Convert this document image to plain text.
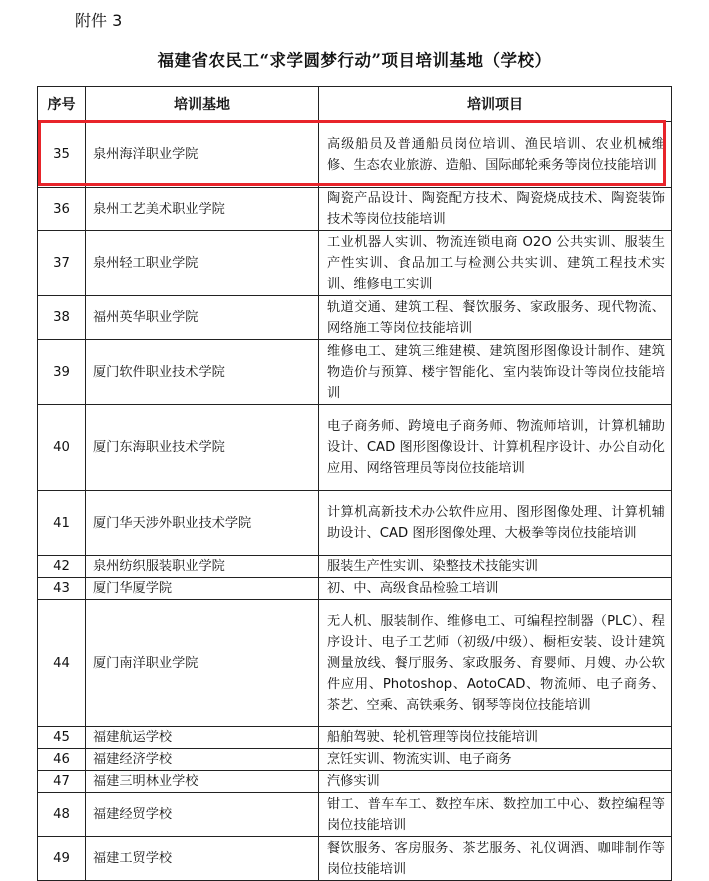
附件 3
福建省农民工“求学圆梦行动”项目培训基地（学校）
序号	培训基地	培训项目
35	泉州海洋职业学院	高级船员及普通船员岗位培训、渔民培训、农业机械维修、生态农业旅游、造船、国际邮轮乘务等岗位技能培训
36	泉州工艺美术职业学院	陶瓷产品设计、陶瓷配方技术、陶瓷烧成技术、陶瓷装饰技术等岗位技能培训
37	泉州轻工职业学院	工业机器人实训、物流连锁电商 O2O 公共实训、服装生产性实训、食品加工与检测公共实训、建筑工程技术实训、维修电工实训
38	福州英华职业学院	轨道交通、建筑工程、餐饮服务、家政服务、现代物流、网络施工等岗位技能培训
39	厦门软件职业技术学院	维修电工、建筑三维建模、建筑图形图像设计制作、建筑物造价与预算、楼宇智能化、室内装饰设计等岗位技能培训
40	厦门东海职业技术学院	电子商务师、跨境电子商务师、物流师培训，计算机辅助设计、CAD 图形图像设计、计算机程序设计、办公自动化应用、网络管理员等岗位技能培训
41	厦门华天涉外职业技术学院	计算机高新技术办公软件应用、图形图像处理、计算机辅助设计、CAD 图形图像处理、大极拳等岗位技能培训
42	泉州纺织服装职业学院	服装生产性实训、染整技术技能实训
43	厦门华厦学院	初、中、高级食品检验工培训
44	厦门南洋职业学院	无人机、服装制作、维修电工、可编程控制器（PLC）、程序设计、电子工艺师（初级/中级）、橱柜安装、设计建筑测量放线、餐厅服务、家政服务、育婴师、月嫂、办公软件应用、Photoshop、AotoCAD、物流师、电子商务、茶艺、空乘、高铁乘务、钢琴等岗位技能培训
45	福建航运学校	船舶驾驶、轮机管理等岗位技能培训
46	福建经济学校	烹饪实训、物流实训、电子商务
47	福建三明林业学校	汽修实训
48	福建经贸学校	钳工、普车车工、数控车床、数控加工中心、数控编程等岗位技能培训
49	福建工贸学校	餐饮服务、客房服务、茶艺服务、礼仪调酒、咖啡制作等岗位技能培训
